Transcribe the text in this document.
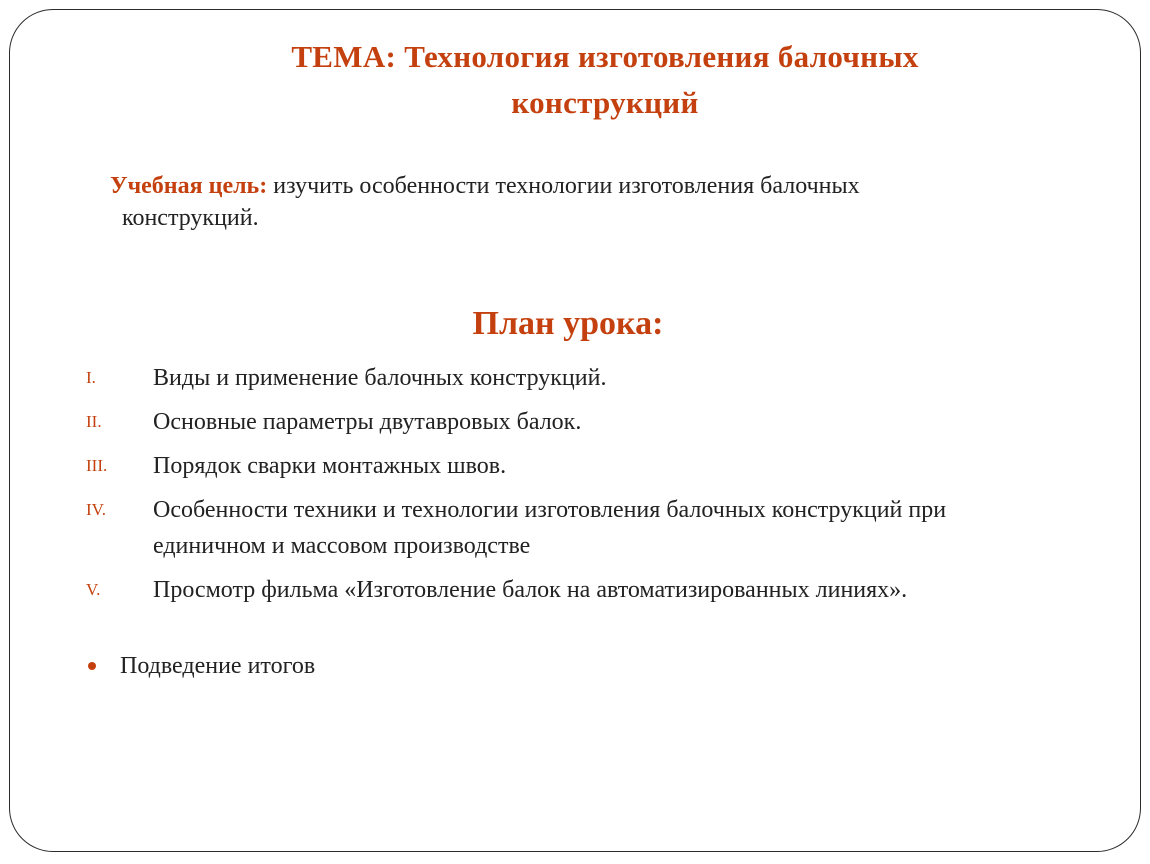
ТЕМА: Технология изготовления балочных
конструкций
Учебная цель: изучить особенности технологии изготовления балочных
конструкций.
План урока:
I.	Виды и применение балочных конструкций.
II.	Основные параметры двутавровых балок.
III.	Порядок сварки монтажных швов.
IV.	Особенности техники и технологии изготовления балочных конструкций при единичном и массовом производстве
V.	Просмотр фильма «Изготовление балок на автоматизированных линиях».
Подведение итогов
